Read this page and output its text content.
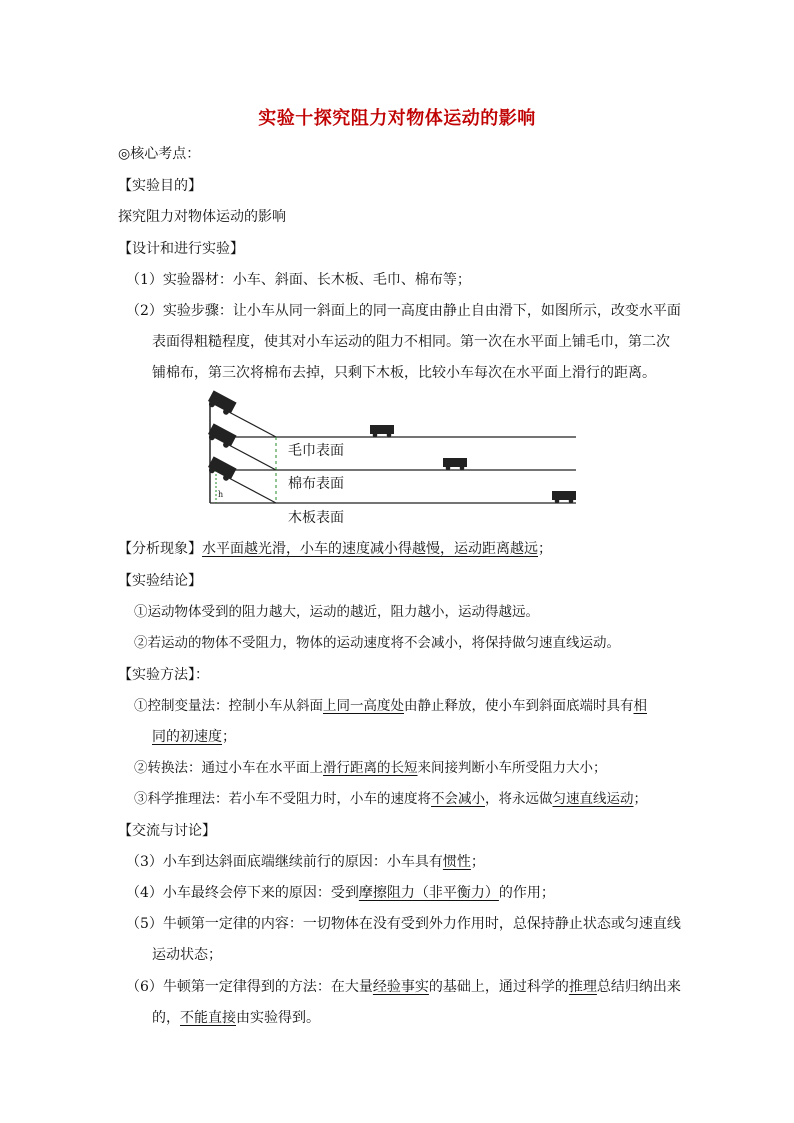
实验十探究阻力对物体运动的影响
◎核心考点：
【实验目的】
探究阻力对物体运动的影响
【设计和进行实验】
（1）实验器材：小车、斜面、长木板、毛巾、棉布等；
（2）实验步骤：让小车从同一斜面上的同一高度由静止自由滑下，如图所示，改变水平面
表面得粗糙程度，使其对小车运动的阻力不相同。第一次在水平面上铺毛巾，第二次
铺棉布，第三次将棉布去掉，只剩下木板，比较小车每次在水平面上滑行的距离。
h
毛巾表面
棉布表面
木板表面
【分析现象】水平面越光滑，小车的速度减小得越慢，运动距离越远；
【实验结论】
①运动物体受到的阻力越大，运动的越近，阻力越小，运动得越远。
②若运动的物体不受阻力，物体的运动速度将不会减小，将保持做匀速直线运动。
【实验方法】：
①控制变量法：控制小车从斜面上同一高度处由静止释放，使小车到斜面底端时具有相
同的初速度；
②转换法：通过小车在水平面上滑行距离的长短来间接判断小车所受阻力大小；
③科学推理法：若小车不受阻力时，小车的速度将不会减小，将永远做匀速直线运动；
【交流与讨论】
（3）小车到达斜面底端继续前行的原因：小车具有惯性；
（4）小车最终会停下来的原因：受到摩擦阻力（非平衡力）的作用；
（5）牛顿第一定律的内容：一切物体在没有受到外力作用时，总保持静止状态或匀速直线
运动状态；
（6）牛顿第一定律得到的方法：在大量经验事实的基础上，通过科学的推理总结归纳出来
的，不能直接由实验得到。
